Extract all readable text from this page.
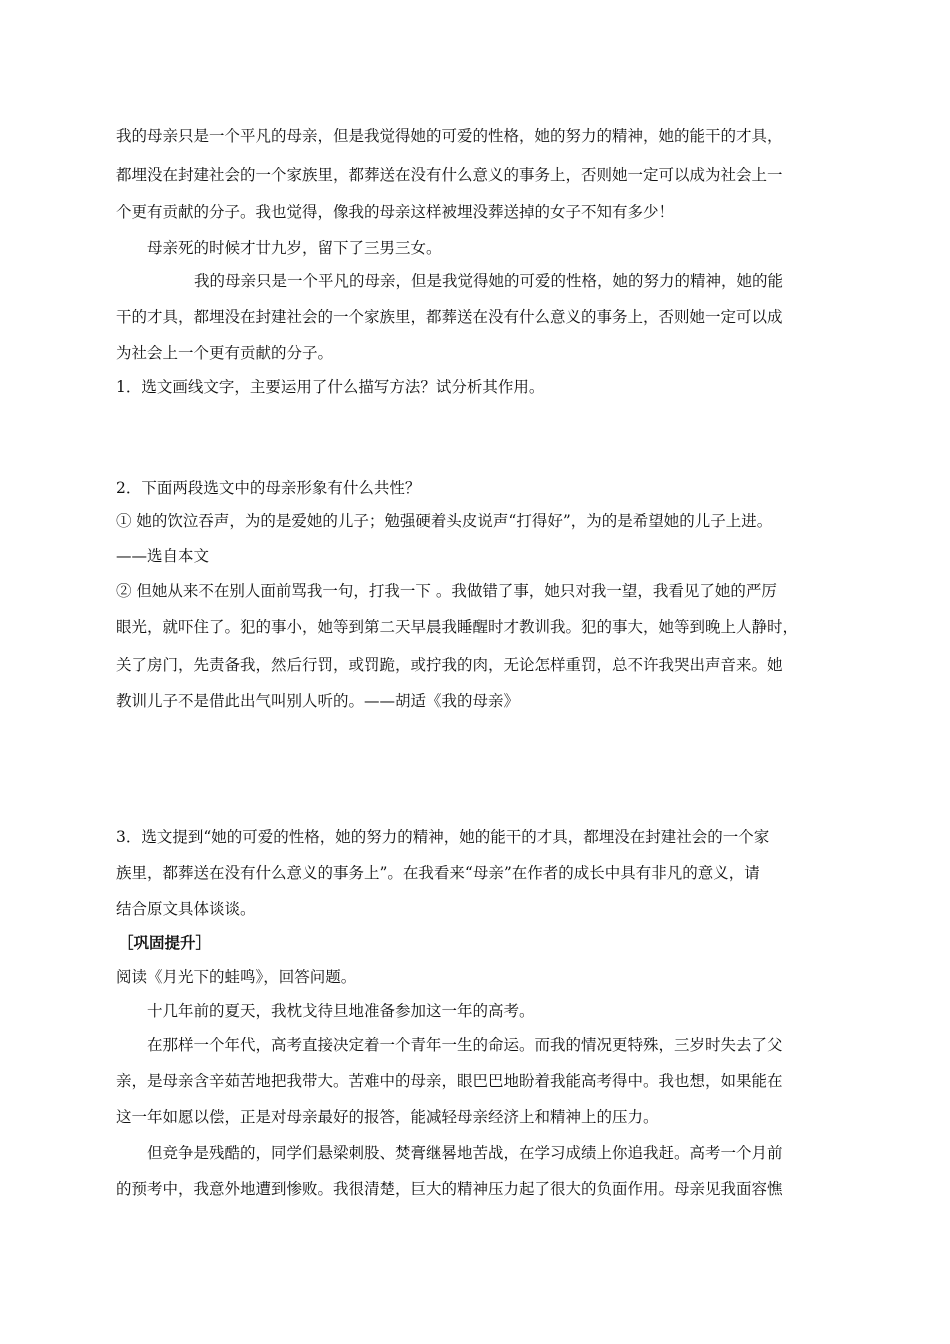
我的母亲只是一个平凡的母亲，但是我觉得她的可爱的性格，她的努力的精神，她的能干的才具，
都埋没在封建社会的一个家族里，都葬送在没有什么意义的事务上，否则她一定可以成为社会上一
个更有贡献的分子。我也觉得，像我的母亲这样被埋没葬送掉的女子不知有多少！
母亲死的时候才廿九岁，留下了三男三女。
我的母亲只是一个平凡的母亲，但是我觉得她的可爱的性格，她的努力的精神，她的能
干的才具，都埋没在封建社会的一个家族里，都葬送在没有什么意义的事务上，否则她一定可以成
为社会上一个更有贡献的分子。
1．选文画线文字，主要运用了什么描写方法？试分析其作用。
2．下面两段选文中的母亲形象有什么共性？
① 她的饮泣吞声，为的是爱她的儿子；勉强硬着头皮说声“打得好”，为的是希望她的儿子上进。
——选自本文
② 但她从来不在别人面前骂我一句，打我一下 。我做错了事，她只对我一望，我看见了她的严厉
眼光，就吓住了。犯的事小，她等到第二天早晨我睡醒时才教训我。犯的事大，她等到晚上人静时，
关了房门，先责备我，然后行罚，或罚跪，或拧我的肉，无论怎样重罚，总不许我哭出声音来。她
教训儿子不是借此出气叫别人听的。——胡适《我的母亲》
3．选文提到“她的可爱的性格，她的努力的精神，她的能干的才具，都埋没在封建社会的一个家
族里，都葬送在没有什么意义的事务上”。在我看来“母亲”在作者的成长中具有非凡的意义，请
结合原文具体谈谈。
［巩固提升］
阅读《月光下的蛙鸣》，回答问题。
十几年前的夏天，我枕戈待旦地准备参加这一年的高考。
在那样一个年代，高考直接决定着一个青年一生的命运。而我的情况更特殊，三岁时失去了父
亲，是母亲含辛茹苦地把我带大。苦难中的母亲，眼巴巴地盼着我能高考得中。我也想，如果能在
这一年如愿以偿，正是对母亲最好的报答，能减轻母亲经济上和精神上的压力。
但竞争是残酷的，同学们悬梁刺股、焚膏继晷地苦战，在学习成绩上你追我赶。高考一个月前
的预考中，我意外地遭到惨败。我很清楚，巨大的精神压力起了很大的负面作用。母亲见我面容憔
